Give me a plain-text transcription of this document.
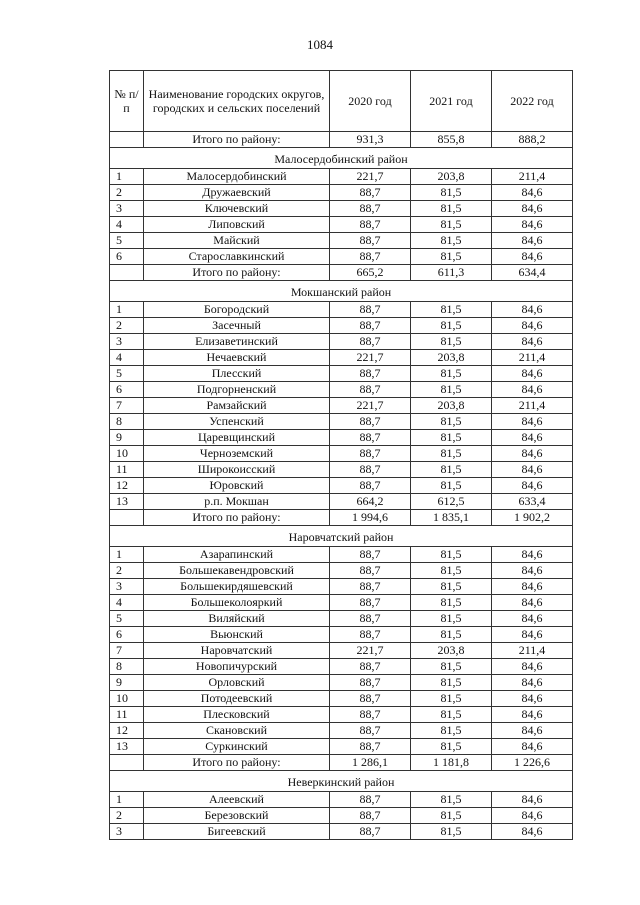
1084
№ п/п	Наименование городских округов, городских и сельских поселений	2020 год	2021 год	2022 год
	Итого по району:	931,3	855,8	888,2
Малосердобинский район				
1	Малосердобинский	221,7	203,8	211,4
2	Дружаевский	88,7	81,5	84,6
3	Ключевский	88,7	81,5	84,6
4	Липовский	88,7	81,5	84,6
5	Майский	88,7	81,5	84,6
6	Старославкинский	88,7	81,5	84,6
	Итого по району:	665,2	611,3	634,4
Мокшанский район				
1	Богородский	88,7	81,5	84,6
2	Засечный	88,7	81,5	84,6
3	Елизаветинский	88,7	81,5	84,6
4	Нечаевский	221,7	203,8	211,4
5	Плесский	88,7	81,5	84,6
6	Подгорненский	88,7	81,5	84,6
7	Рамзайский	221,7	203,8	211,4
8	Успенский	88,7	81,5	84,6
9	Царевщинский	88,7	81,5	84,6
10	Черноземский	88,7	81,5	84,6
11	Широкоисский	88,7	81,5	84,6
12	Юровский	88,7	81,5	84,6
13	р.п. Мокшан	664,2	612,5	633,4
	Итого по району:	1 994,6	1 835,1	1 902,2
Наровчатский район				
1	Азарапинский	88,7	81,5	84,6
2	Большекавендровский	88,7	81,5	84,6
3	Большекирдяшевский	88,7	81,5	84,6
4	Большеколояркий	88,7	81,5	84,6
5	Виляйский	88,7	81,5	84,6
6	Вьюнский	88,7	81,5	84,6
7	Наровчатский	221,7	203,8	211,4
8	Новопичурский	88,7	81,5	84,6
9	Орловский	88,7	81,5	84,6
10	Потодеевский	88,7	81,5	84,6
11	Плесковский	88,7	81,5	84,6
12	Скановский	88,7	81,5	84,6
13	Суркинский	88,7	81,5	84,6
	Итого по району:	1 286,1	1 181,8	1 226,6
Неверкинский район				
1	Алеевский	88,7	81,5	84,6
2	Березовский	88,7	81,5	84,6
3	Бигеевский	88,7	81,5	84,6
